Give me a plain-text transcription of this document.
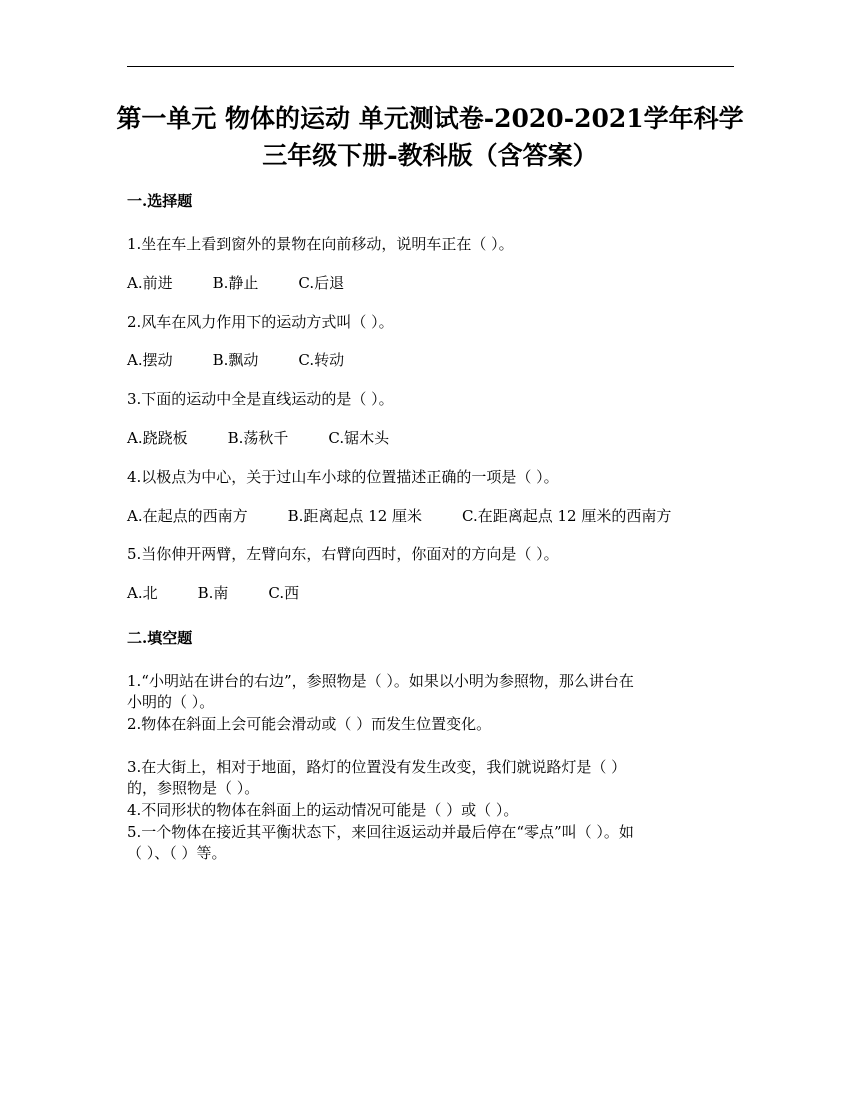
第一单元 物体的运动 单元测试卷-2020-2021学年科学
三年级下册-教科版（含答案）
一.选择题
1.坐在车上看到窗外的景物在向前移动，说明车正在（ ）。
A.前进	B.静止	C.后退
2.风车在风力作用下的运动方式叫（ ）。
A.摆动	B.飘动	C.转动
3.下面的运动中全是直线运动的是（ ）。
A.跷跷板	B.荡秋千	C.锯木头
4.以极点为中心，关于过山车小球的位置描述正确的一项是（ ）。
A.在起点的西南方	B.距离起点 12 厘米	C.在距离起点 12 厘米的西南方
5.当你伸开两臂，左臂向东，右臂向西时，你面对的方向是（ ）。
A.北	B.南	C.西
二.填空题
1.“小明站在讲台的右边”，参照物是（ ）。如果以小明为参照物，那么讲台在
小明的（ ）。
2.物体在斜面上会可能会滑动或（ ）而发生位置变化。
3.在大街上，相对于地面，路灯的位置没有发生改变，我们就说路灯是（ ）
的，参照物是（ ）。
4.不同形状的物体在斜面上的运动情况可能是（ ）或（ ）。
5.一个物体在接近其平衡状态下，来回往返运动并最后停在“零点”叫（ ）。如
（ ）、（ ）等。
